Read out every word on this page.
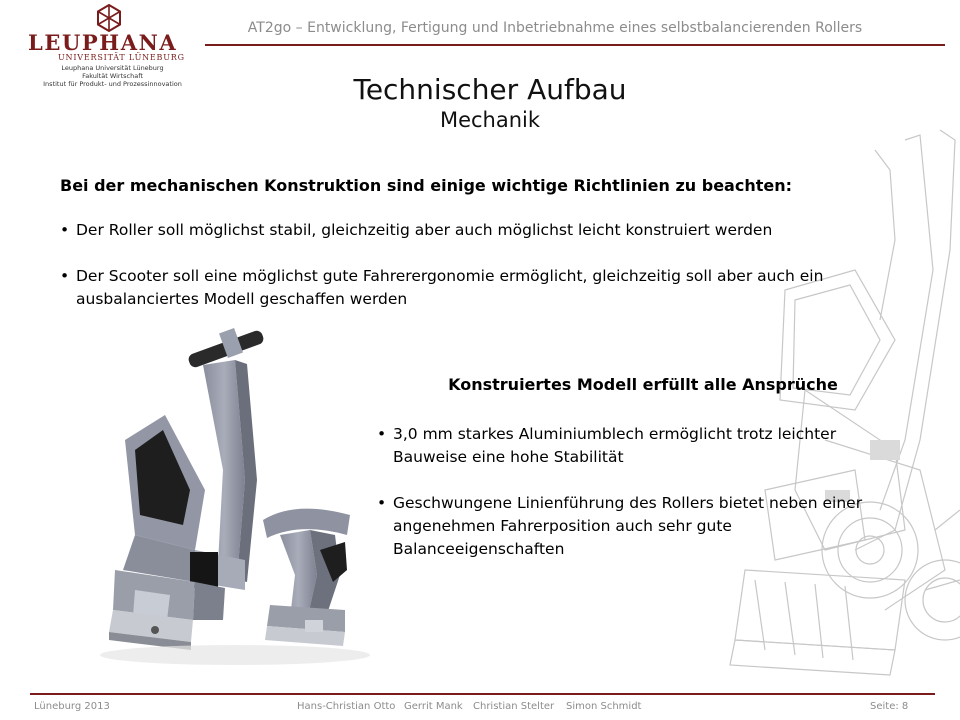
LEUPHANA
UNIVERSITÄT LÜNEBURG
Leuphana Universität Lüneburg
Fakultät Wirtschaft
Institut für Produkt- und Prozessinnovation
AT2go – Entwicklung, Fertigung und Inbetriebnahme eines selbstbalancierenden Rollers
Technischer Aufbau
Mechanik
Bei der mechanischen Konstruktion sind einige wichtige Richtlinien zu beachten:
• Der Roller soll möglichst stabil, gleichzeitig aber auch möglichst leicht konstruiert werden
• Der Scooter soll eine möglichst gute Fahrerergonomie ermöglicht, gleichzeitig soll aber auch ein ausbalanciertes Modell geschaffen werden
Konstruiertes Modell erfüllt alle Ansprüche
• 3,0 mm starkes Aluminiumblech ermöglicht trotz leichter Bauweise eine hohe Stabilität
• Geschwungene Linienführung des Rollers bietet neben einer angenehmen Fahrerposition auch sehr gute Balanceeigenschaften
Lüneburg 2013	Hans-Christian Otto Gerrit Mank Christian Stelter Simon Schmidt	Seite: 8
